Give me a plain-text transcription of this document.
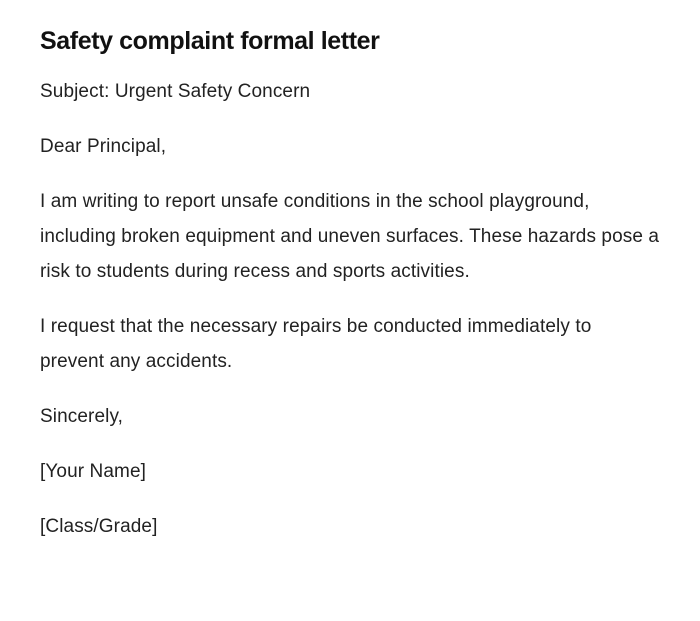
Safety complaint formal letter

Subject: Urgent Safety Concern

Dear Principal,

I am writing to report unsafe conditions in the school playground, including broken equipment and uneven surfaces. These hazards pose a risk to students during recess and sports activities.

I request that the necessary repairs be conducted immediately to prevent any accidents.

Sincerely,

[Your Name]

[Class/Grade]
